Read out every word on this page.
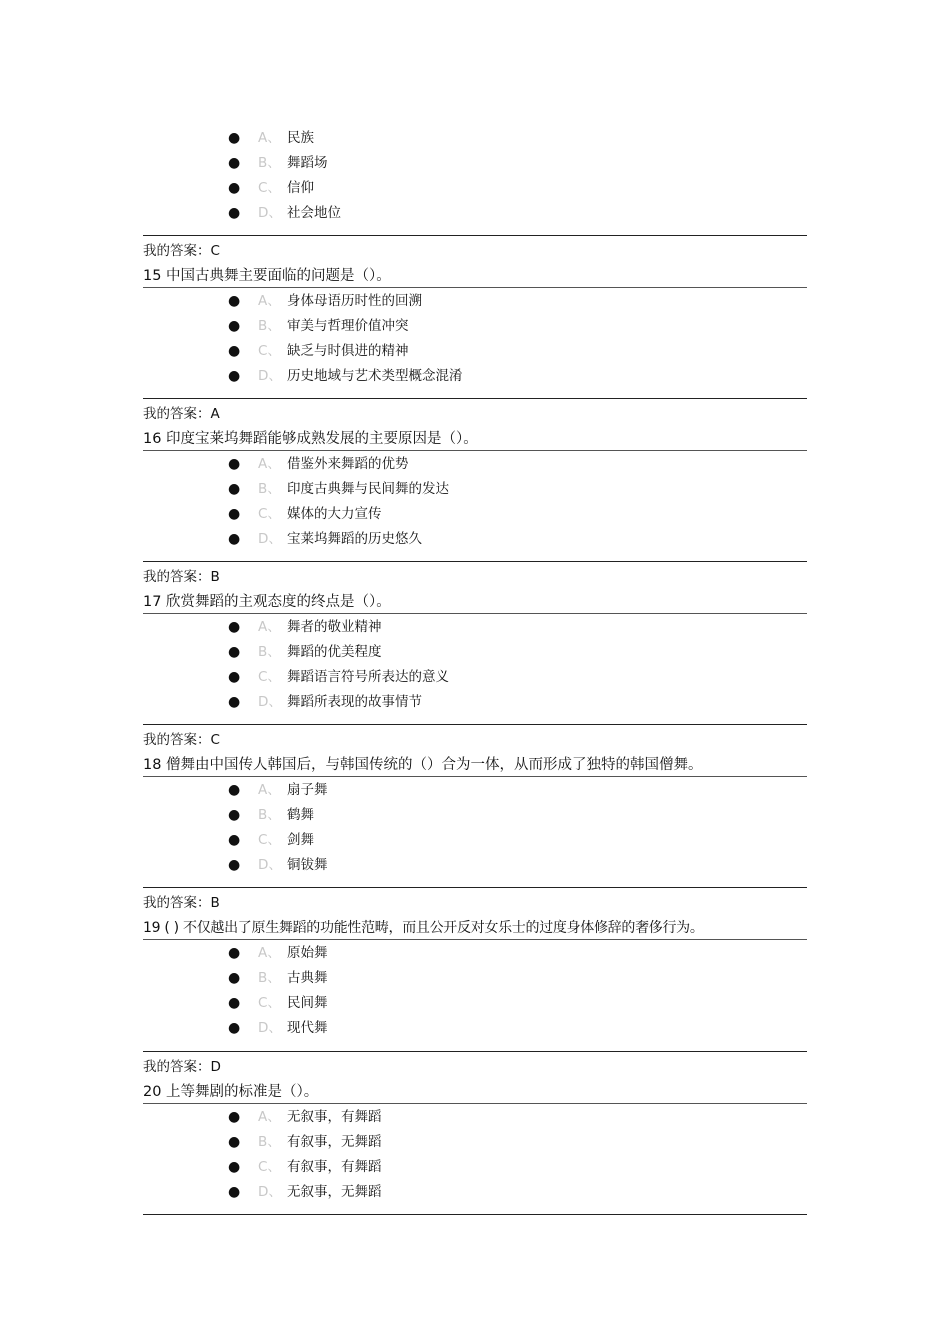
● A、 民族
● B、 舞蹈场
● C、 信仰
● D、 社会地位
我的答案：C
15 中国古典舞主要面临的问题是（）。
● A、 身体母语历时性的回溯
● B、 审美与哲理价值冲突
● C、 缺乏与时俱进的精神
● D、 历史地域与艺术类型概念混淆
我的答案：A
16 印度宝莱坞舞蹈能够成熟发展的主要原因是（）。
● A、 借鉴外来舞蹈的优势
● B、 印度古典舞与民间舞的发达
● C、 媒体的大力宣传
● D、 宝莱坞舞蹈的历史悠久
我的答案：B
17 欣赏舞蹈的主观态度的终点是（）。
● A、 舞者的敬业精神
● B、 舞蹈的优美程度
● C、 舞蹈语言符号所表达的意义
● D、 舞蹈所表现的故事情节
我的答案：C
18 僧舞由中国传人韩国后，与韩国传统的（）合为一体，从而形成了独特的韩国僧舞。
● A、 扇子舞
● B、 鹤舞
● C、 剑舞
● D、 铜钹舞
我的答案：B
19 ( ) 不仅越出了原生舞蹈的功能性范畴，而且公开反对女乐士的过度身体修辞的奢侈行为。
● A、 原始舞
● B、 古典舞
● C、 民间舞
● D、 现代舞
我的答案：D
20 上等舞剧的标准是（）。
● A、 无叙事，有舞蹈
● B、 有叙事，无舞蹈
● C、 有叙事，有舞蹈
● D、 无叙事，无舞蹈
